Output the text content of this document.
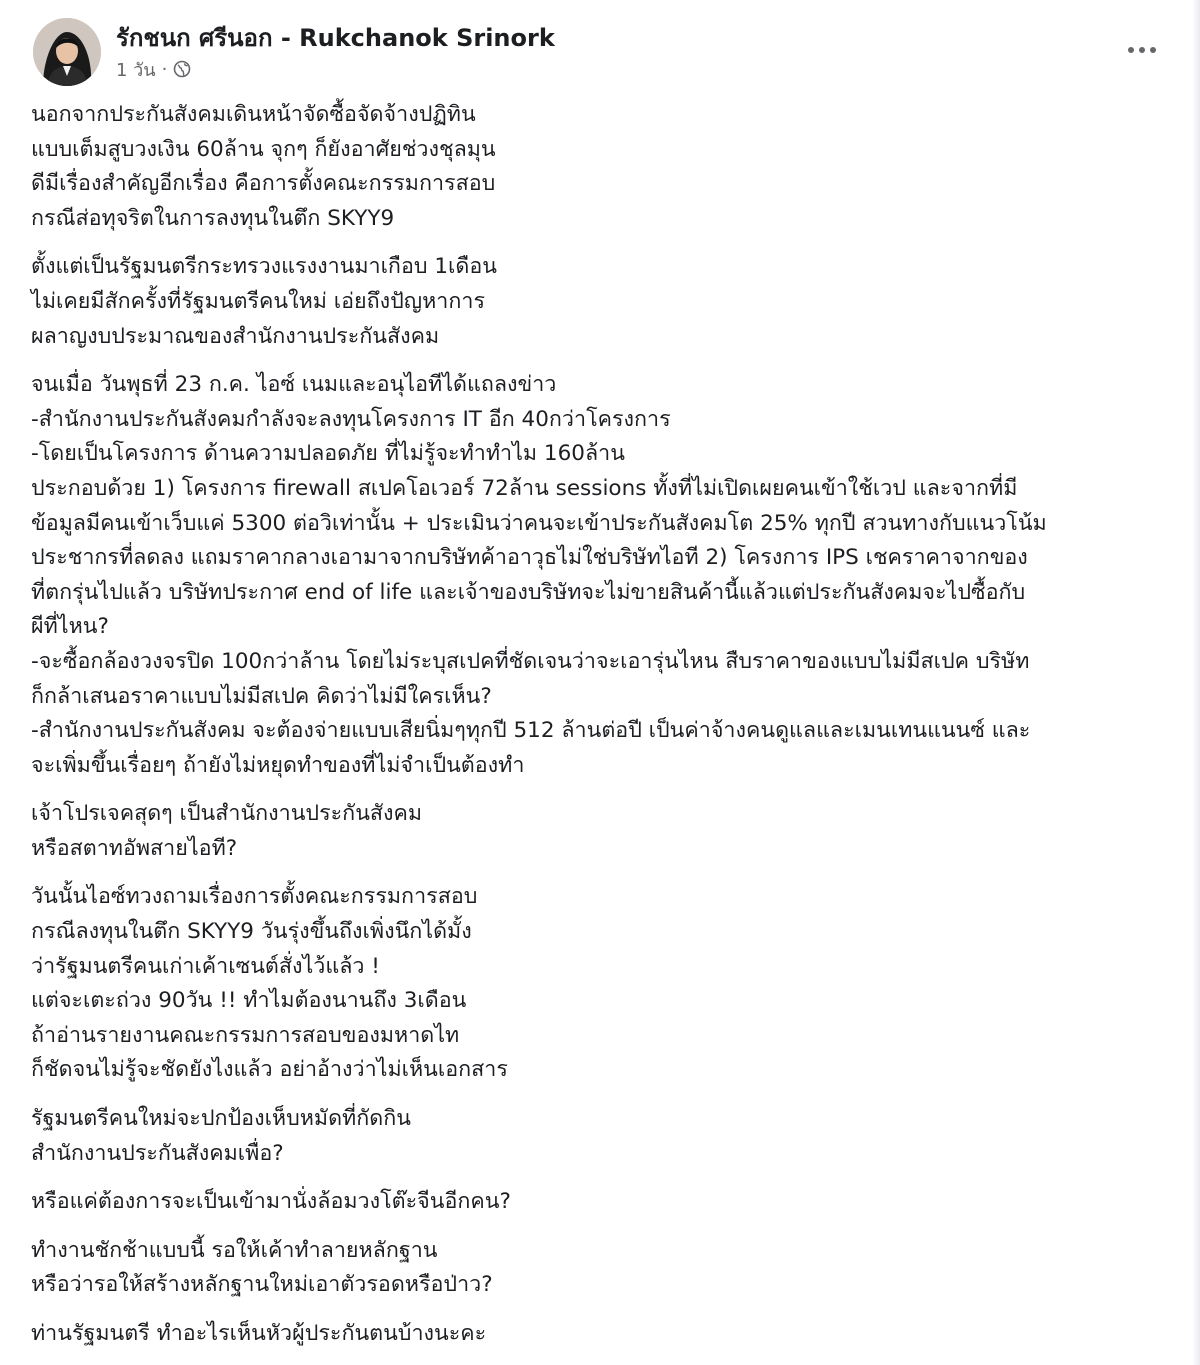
รักชนก ศรีนอก - Rukchanok Srinork
1 วัน ·
นอกจากประกันสังคมเดินหน้าจัดซื้อจัดจ้างปฏิทิน
แบบเต็มสูบวงเงิน 60ล้าน จุกๆ ก็ยังอาศัยช่วงชุลมุน
ดีมีเรื่องสำคัญอีกเรื่อง คือการตั้งคณะกรรมการสอบ
กรณีส่อทุจริตในการลงทุนในตึก SKYY9
ตั้งแต่เป็นรัฐมนตรีกระทรวงแรงงานมาเกือบ 1เดือน
ไม่เคยมีสักครั้งที่รัฐมนตรีคนใหม่ เอ่ยถึงปัญหาการ
ผลาญงบประมาณของสำนักงานประกันสังคม
จนเมื่อ วันพุธที่ 23 ก.ค. ไอซ์ เนมและอนุไอทีได้แถลงข่าว
-สำนักงานประกันสังคมกำลังจะลงทุนโครงการ IT อีก 40กว่าโครงการ
-โดยเป็นโครงการ ด้านความปลอดภัย ที่ไม่รู้จะทำทำไม 160ล้าน
ประกอบด้วย 1) โครงการ firewall สเปคโอเวอร์ 72ล้าน sessions ทั้งที่ไม่เปิดเผยคนเข้าใช้เวป และจากที่มี
ข้อมูลมีคนเข้าเว็บแค่ 5300 ต่อวิเท่านั้น + ประเมินว่าคนจะเข้าประกันสังคมโต 25% ทุกปี สวนทางกับแนวโน้ม
ประชากรที่ลดลง แถมราคากลางเอามาจากบริษัทค้าอาวุธไม่ใช่บริษัทไอที 2) โครงการ IPS เชคราคาจากของ
ที่ตกรุ่นไปแล้ว บริษัทประกาศ end of life และเจ้าของบริษัทจะไม่ขายสินค้านี้แล้วแต่ประกันสังคมจะไปซื้อกับ
ผีที่ไหน?
-จะซื้อกล้องวงจรปิด 100กว่าล้าน โดยไม่ระบุสเปคที่ชัดเจนว่าจะเอารุ่นไหน สืบราคาของแบบไม่มีสเปค บริษัท
ก็กล้าเสนอราคาแบบไม่มีสเปค คิดว่าไม่มีใครเห็น?
-สำนักงานประกันสังคม จะต้องจ่ายแบบเสียนิ่มๆทุกปี 512 ล้านต่อปี เป็นค่าจ้างคนดูแลและเมนเทนแนนซ์ และ
จะเพิ่มขึ้นเรื่อยๆ ถ้ายังไม่หยุดทำของที่ไม่จำเป็นต้องทำ
เจ้าโปรเจคสุดๆ เป็นสำนักงานประกันสังคม
หรือสตาทอัพสายไอที?
วันนั้นไอซ์ทวงถามเรื่องการตั้งคณะกรรมการสอบ
กรณีลงทุนในตึก SKYY9 วันรุ่งขึ้นถึงเพิ่งนึกได้มั้ง
ว่ารัฐมนตรีคนเก่าเค้าเซนต์สั่งไว้แล้ว !
แต่จะเตะถ่วง 90วัน !! ทำไมต้องนานถึง 3เดือน
ถ้าอ่านรายงานคณะกรรมการสอบของมหาดไท
ก็ชัดจนไม่รู้จะชัดยังไงแล้ว อย่าอ้างว่าไม่เห็นเอกสาร
รัฐมนตรีคนใหม่จะปกป้องเห็บหมัดที่กัดกิน
สำนักงานประกันสังคมเพื่อ?
หรือแค่ต้องการจะเป็นเข้ามานั่งล้อมวงโต๊ะจีนอีกคน?
ทำงานชักช้าแบบนี้ รอให้เค้าทำลายหลักฐาน
หรือว่ารอให้สร้างหลักฐานใหม่เอาตัวรอดหรือป่าว?
ท่านรัฐมนตรี ทำอะไรเห็นหัวผู้ประกันตนบ้างนะคะ
